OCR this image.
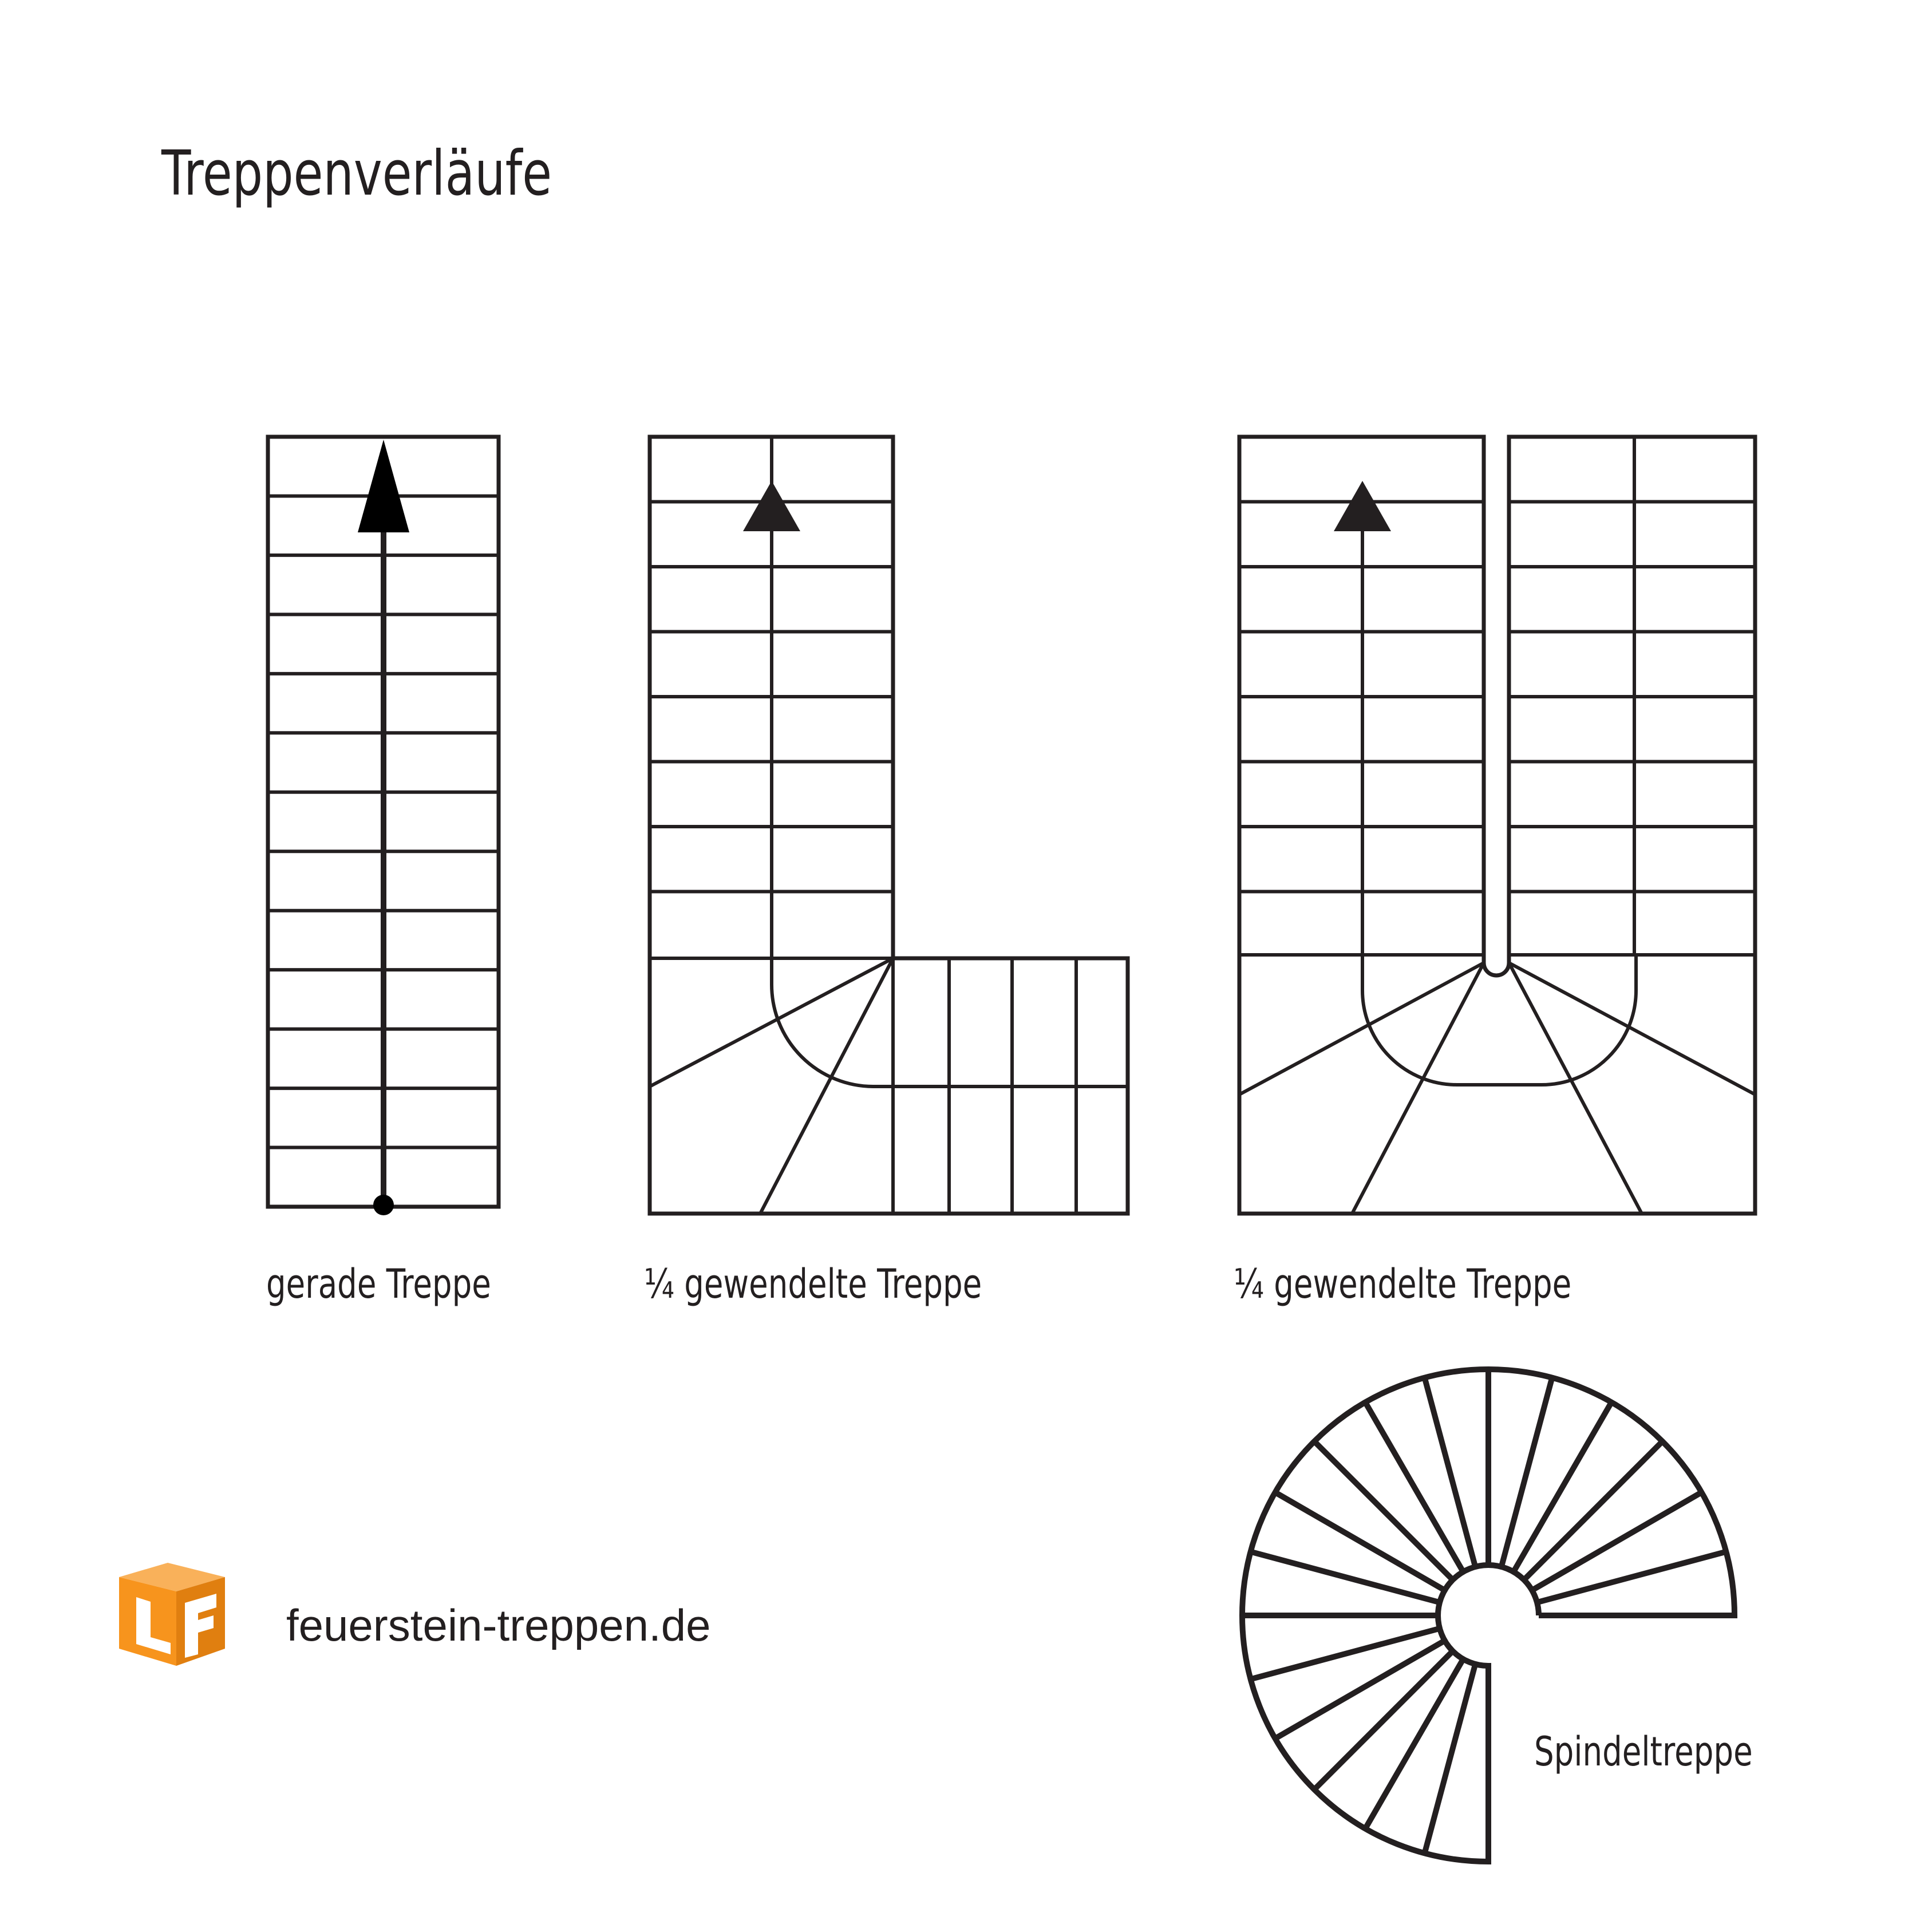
Treppenverläufe
gerade Treppe	¼ gewendelte Treppe	¼ gewendelte Treppe
Spindeltreppe
feuerstein-treppen.de
